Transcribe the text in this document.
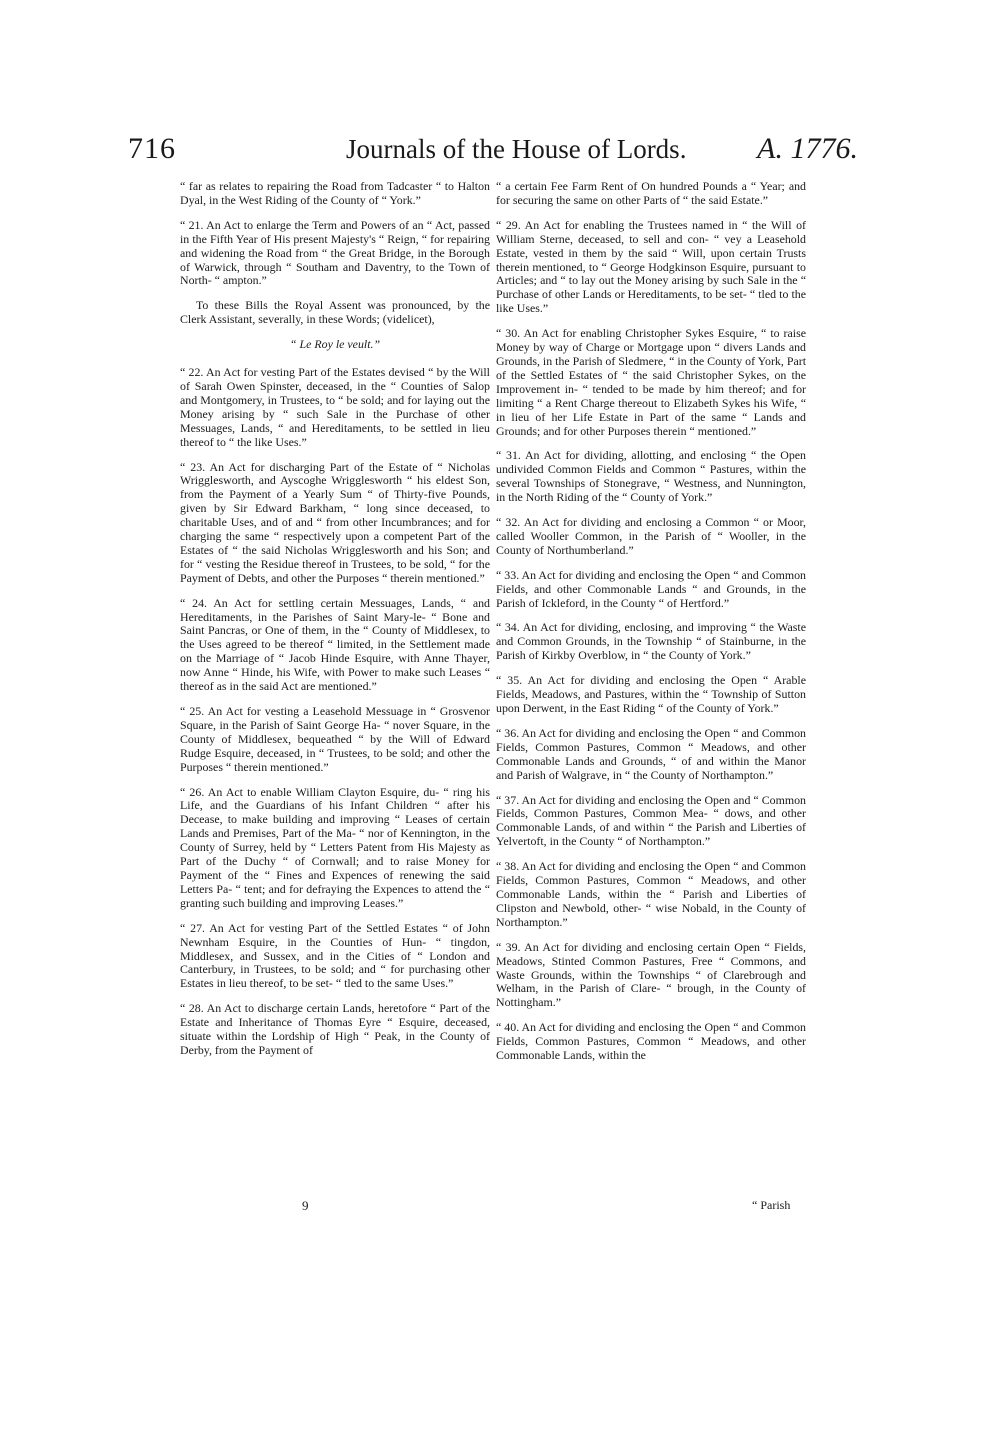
716	Journals of the House of Lords. A. 1776.

“ far as relates to repairing the Road from Tadcaster “ to Halton Dyal, in the West Riding of the County of “ York.”

“ 21. An Act to enlarge the Term and Powers of an “ Act, passed in the Fifth Year of His present Majesty's “ Reign, “ for repairing and widening the Road from “ the Great Bridge, in the Borough of Warwick, through “ Southam and Daventry, to the Town of North- “ ampton.”

To these Bills the Royal Assent was pronounced, by the Clerk Assistant, severally, in these Words; (videlicet),

“ Le Roy le veult.”

“ 22. An Act for vesting Part of the Estates devised “ by the Will of Sarah Owen Spinster, deceased, in the “ Counties of Salop and Montgomery, in Trustees, to “ be sold; and for laying out the Money arising by “ such Sale in the Purchase of other Messuages, Lands, “ and Hereditaments, to be settled in lieu thereof to “ the like Uses.”

“ 23. An Act for discharging Part of the Estate of “ Nicholas Wrigglesworth, and Ayscoghe Wrigglesworth “ his eldest Son, from the Payment of a Yearly Sum “ of Thirty-five Pounds, given by Sir Edward Barkham, “ long since deceased, to charitable Uses, and of and “ from other Incumbrances; and for charging the same “ respectively upon a competent Part of the Estates of “ the said Nicholas Wrigglesworth and his Son; and for “ vesting the Residue thereof in Trustees, to be sold, “ for the Payment of Debts, and other the Purposes “ therein mentioned.”

“ 24. An Act for settling certain Messuages, Lands, “ and Hereditaments, in the Parishes of Saint Mary-le- “ Bone and Saint Pancras, or One of them, in the “ County of Middlesex, to the Uses agreed to be thereof “ limited, in the Settlement made on the Marriage of “ Jacob Hinde Esquire, with Anne Thayer, now Anne “ Hinde, his Wife, with Power to make such Leases “ thereof as in the said Act are mentioned.”

“ 25. An Act for vesting a Leasehold Messuage in “ Grosvenor Square, in the Parish of Saint George Ha- “ nover Square, in the County of Middlesex, bequeathed “ by the Will of Edward Rudge Esquire, deceased, in “ Trustees, to be sold; and other the Purposes “ therein mentioned.”

“ 26. An Act to enable William Clayton Esquire, du- “ ring his Life, and the Guardians of his Infant Children “ after his Decease, to make building and improving “ Leases of certain Lands and Premises, Part of the Ma- “ nor of Kennington, in the County of Surrey, held by “ Letters Patent from His Majesty as Part of the Duchy “ of Cornwall; and to raise Money for Payment of the “ Fines and Expences of renewing the said Letters Pa- “ tent; and for defraying the Expences to attend the “ granting such building and improving Leases.”

“ 27. An Act for vesting Part of the Settled Estates “ of John Newnham Esquire, in the Counties of Hun- “ tingdon, Middlesex, and Sussex, and in the Cities of “ London and Canterbury, in Trustees, to be sold; and “ for purchasing other Estates in lieu thereof, to be set- “ tled to the same Uses.”

“ 28. An Act to discharge certain Lands, heretofore “ Part of the Estate and Inheritance of Thomas Eyre “ Esquire, deceased, situate within the Lordship of High “ Peak, in the County of Derby, from the Payment of

“ a certain Fee Farm Rent of On hundred Pounds a “ Year; and for securing the same on other Parts of “ the said Estate.”

“ 29. An Act for enabling the Trustees named in “ the Will of William Sterne, deceased, to sell and con- “ vey a Leasehold Estate, vested in them by the said “ Will, upon certain Trusts therein mentioned, to “ George Hodgkinson Esquire, pursuant to Articles; and “ to lay out the Money arising by such Sale in the “ Purchase of other Lands or Hereditaments, to be set- “ tled to the like Uses.”

“ 30. An Act for enabling Christopher Sykes Esquire, “ to raise Money by way of Charge or Mortgage upon “ divers Lands and Grounds, in the Parish of Sledmere, “ in the County of York, Part of the Settled Estates of “ the said Christopher Sykes, on the Improvement in- “ tended to be made by him thereof; and for limiting “ a Rent Charge thereout to Elizabeth Sykes his Wife, “ in lieu of her Life Estate in Part of the same “ Lands and Grounds; and for other Purposes therein “ mentioned.”

“ 31. An Act for dividing, allotting, and enclosing “ the Open undivided Common Fields and Common “ Pastures, within the several Townships of Stonegrave, “ Westness, and Nunnington, in the North Riding of the “ County of York.”

“ 32. An Act for dividing and enclosing a Common “ or Moor, called Wooller Common, in the Parish of “ Wooller, in the County of Northumberland.”

“ 33. An Act for dividing and enclosing the Open “ and Common Fields, and other Commonable Lands “ and Grounds, in the Parish of Ickleford, in the County “ of Hertford.”

“ 34. An Act for dividing, enclosing, and improving “ the Waste and Common Grounds, in the Township “ of Stainburne, in the Parish of Kirkby Overblow, in “ the County of York.”

“ 35. An Act for dividing and enclosing the Open “ Arable Fields, Meadows, and Pastures, within the “ Township of Sutton upon Derwent, in the East Riding “ of the County of York.”

“ 36. An Act for dividing and enclosing the Open “ and Common Fields, Common Pastures, Common “ Meadows, and other Commonable Lands and Grounds, “ of and within the Manor and Parish of Walgrave, in “ the County of Northampton.”

“ 37. An Act for dividing and enclosing the Open and “ Common Fields, Common Pastures, Common Mea- “ dows, and other Commonable Lands, of and within “ the Parish and Liberties of Yelvertoft, in the County “ of Northampton.”

“ 38. An Act for dividing and enclosing the Open “ and Common Fields, Common Pastures, Common “ Meadows, and other Commonable Lands, within the “ Parish and Liberties of Clipston and Newbold, other- “ wise Nobald, in the County of Northampton.”

“ 39. An Act for dividing and enclosing certain Open “ Fields, Meadows, Stinted Common Pastures, Free “ Commons, and Waste Grounds, within the Townships “ of Clarebrough and Welham, in the Parish of Clare- “ brough, in the County of Nottingham.”

“ 40. An Act for dividing and enclosing the Open “ and Common Fields, Common Pastures, Common “ Meadows, and other Commonable Lands, within the

9	“ Parish
